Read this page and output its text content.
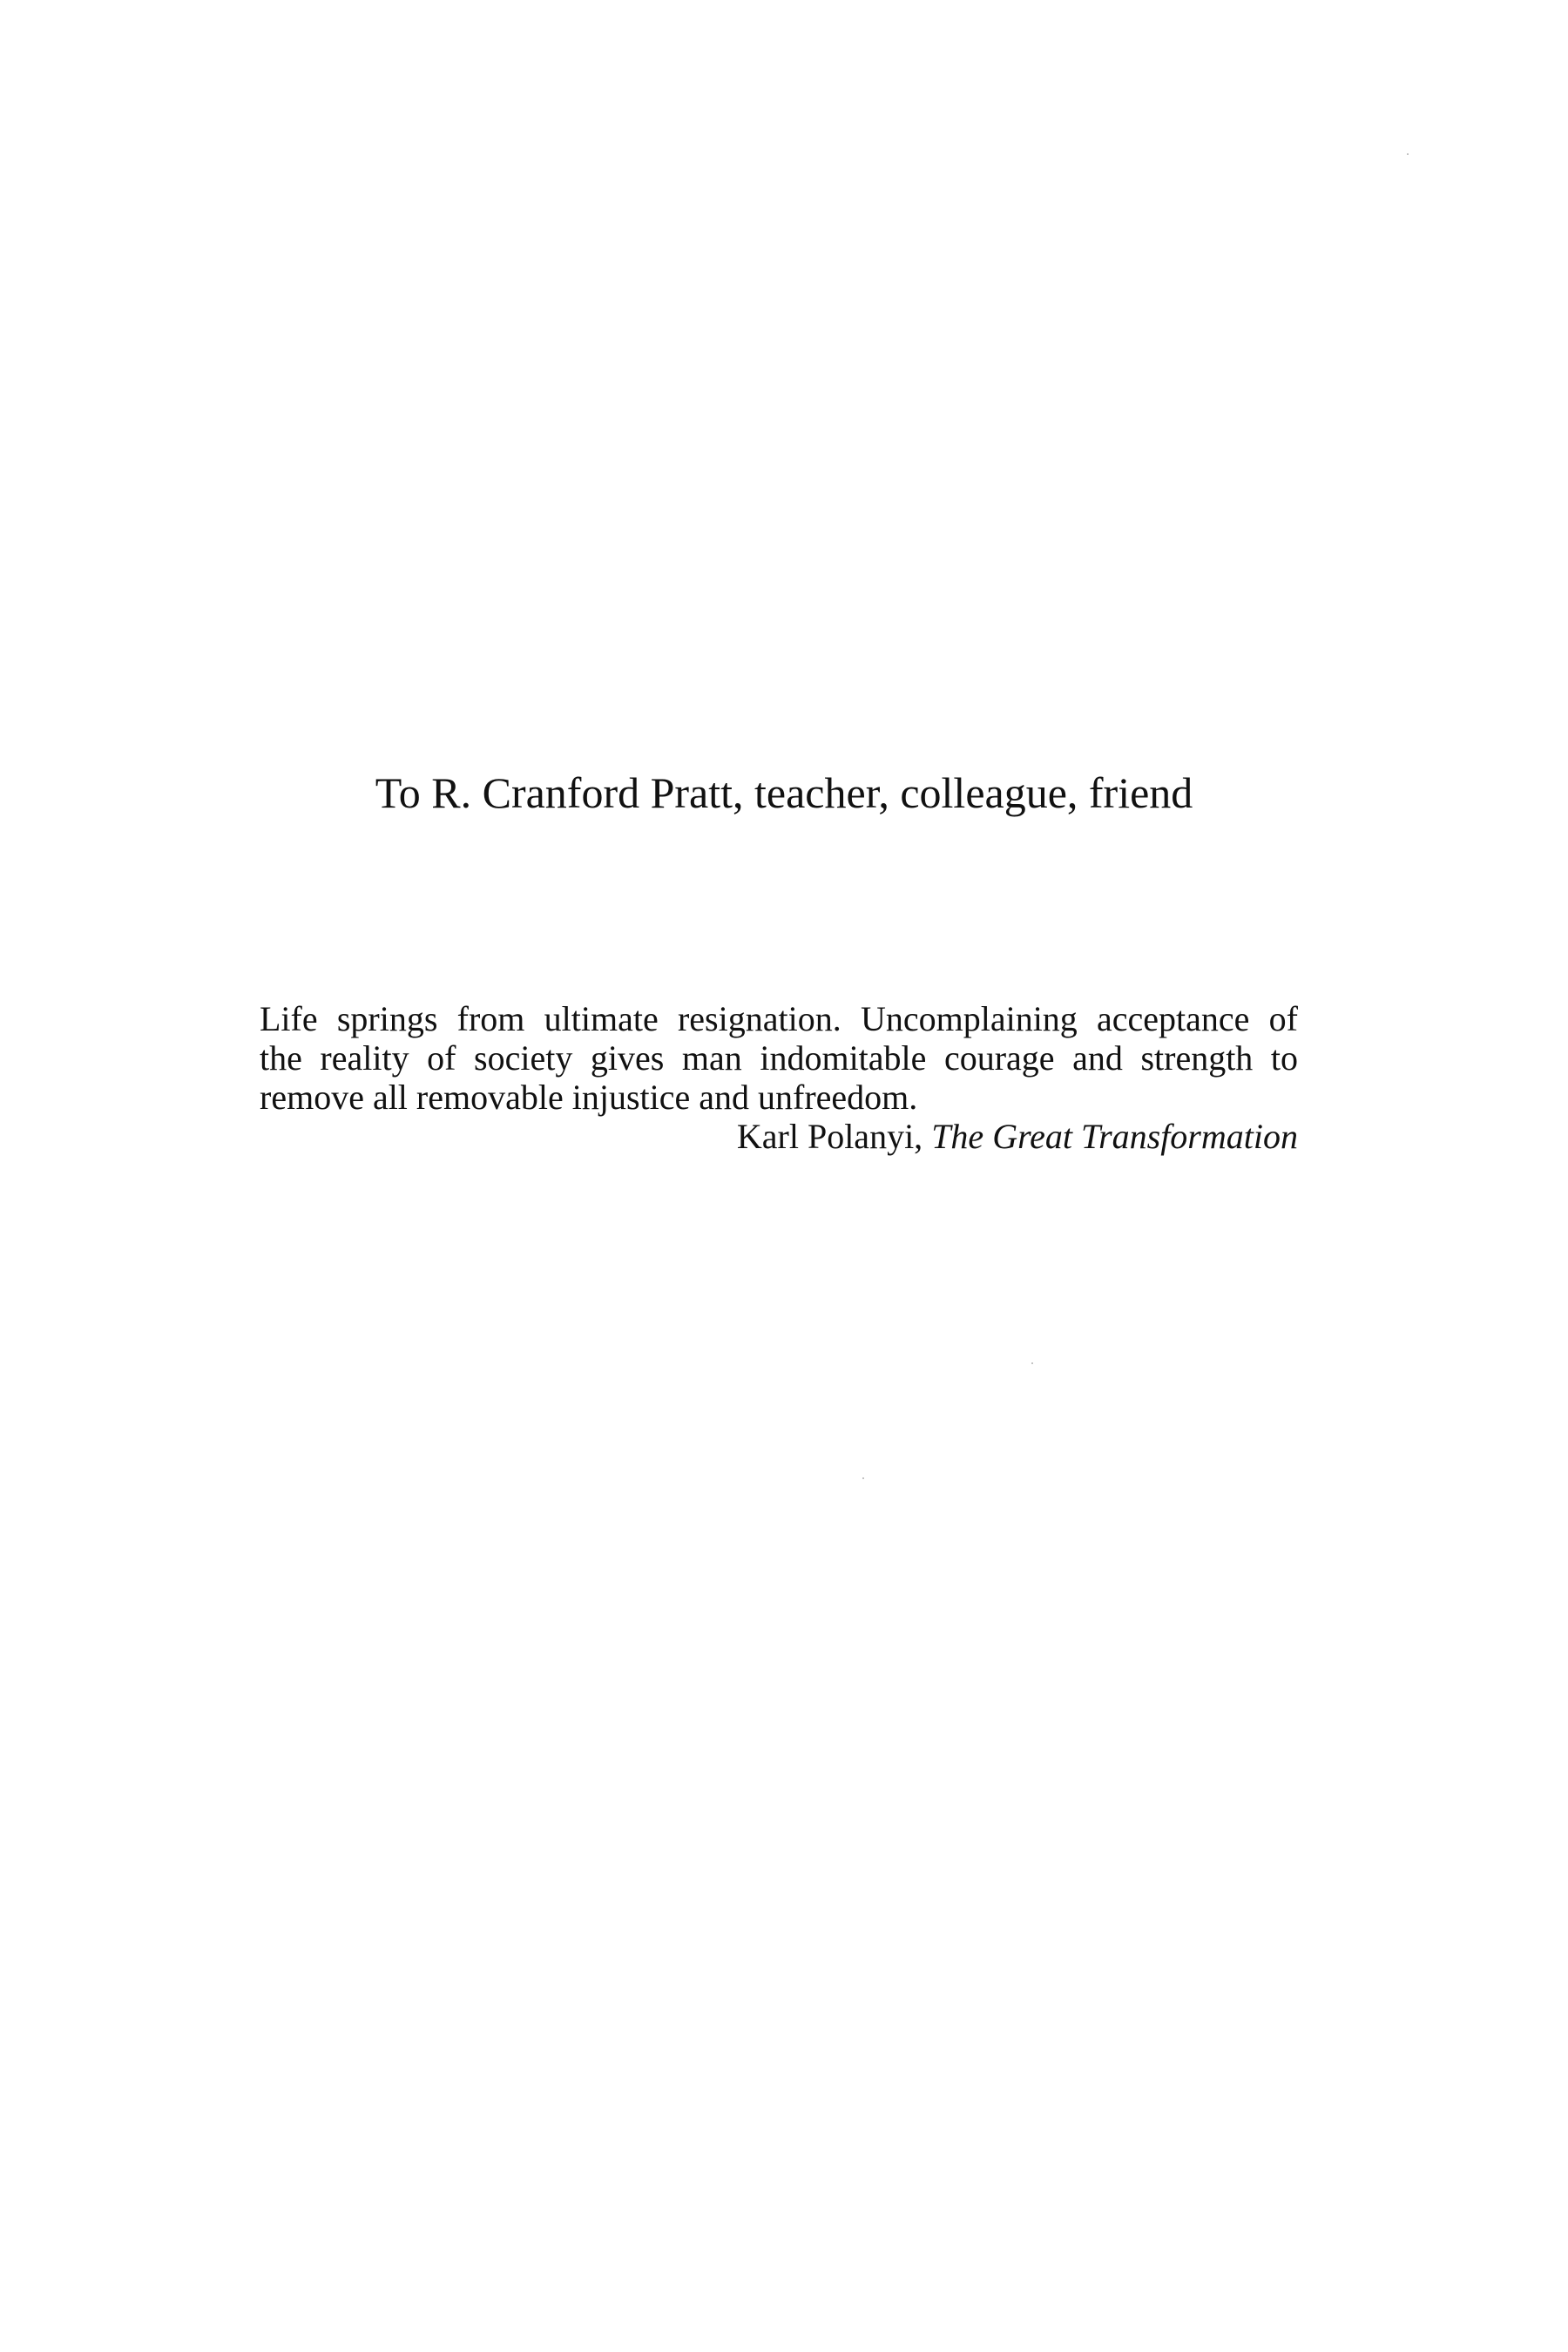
To R. Cranford Pratt, teacher, colleague, friend
Life springs from ultimate resignation. Uncomplaining acceptance of
the reality of society gives man indomitable courage and strength to
remove all removable injustice and unfreedom.
Karl Polanyi, The Great Transformation
